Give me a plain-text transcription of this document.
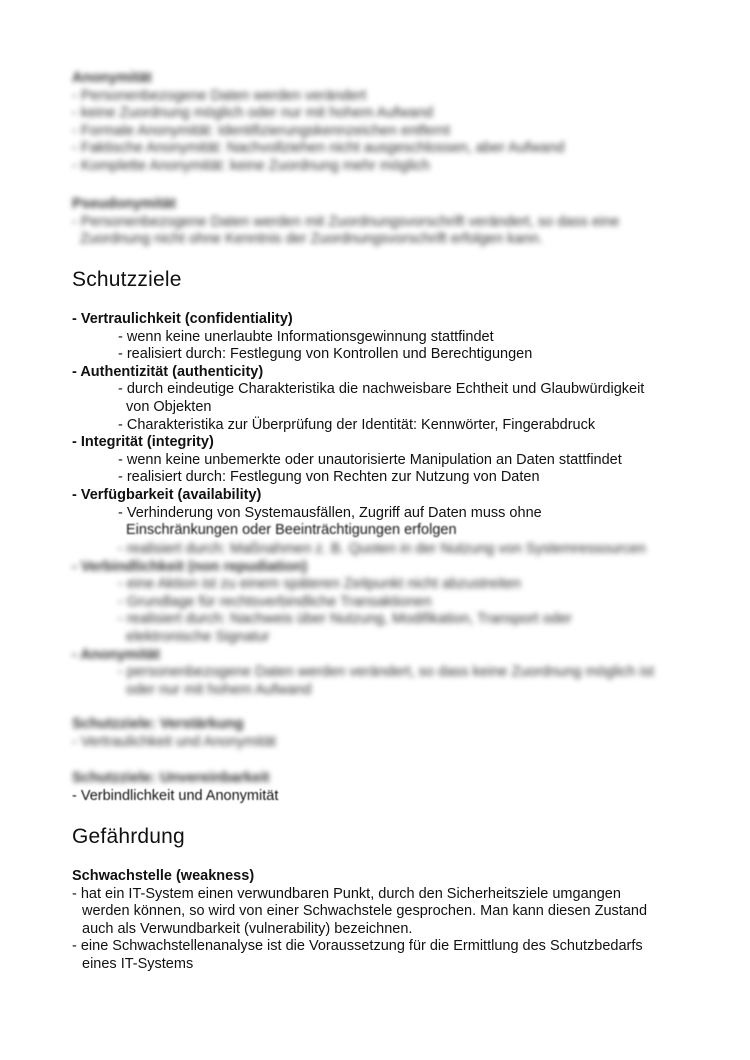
Anonymität
- Personenbezogene Daten werden verändert
- keine Zuordnung möglich oder nur mit hohem Aufwand
- Formale Anonymität: Identifizierungskennzeichen entfernt
- Faktische Anonymität: Nachvollziehen nicht ausgeschlossen, aber Aufwand
- Komplette Anonymität: keine Zuordnung mehr möglich
Pseudonymität
- Personenbezogene Daten werden mit Zuordnungsvorschrift verändert, so dass eine
Zuordnung nicht ohne Kenntnis der Zuordnungsvorschrift erfolgen kann.
Schutzziele
- Vertraulichkeit (confidentiality)
- wenn keine unerlaubte Informationsgewinnung stattfindet
- realisiert durch: Festlegung von Kontrollen und Berechtigungen
- Authentizität (authenticity)
- durch eindeutige Charakteristika die nachweisbare Echtheit und Glaubwürdigkeit
von Objekten
- Charakteristika zur Überprüfung der Identität: Kennwörter, Fingerabdruck
- Integrität (integrity)
- wenn keine unbemerkte oder unautorisierte Manipulation an Daten stattfindet
- realisiert durch: Festlegung von Rechten zur Nutzung von Daten
- Verfügbarkeit (availability)
- Verhinderung von Systemausfällen, Zugriff auf Daten muss ohne
Einschränkungen oder Beeinträchtigungen erfolgen
- realisiert durch: Maßnahmen z. B. Quoten in der Nutzung von Systemressourcen
- Verbindlichkeit (non repudiation)
- eine Aktion ist zu einem späteren Zeitpunkt nicht abzustreiten
- Grundlage für rechtsverbindliche Transaktionen
- realisiert durch: Nachweis über Nutzung, Modifikation, Transport oder
elektronische Signatur
- Anonymität
- personenbezogene Daten werden verändert, so dass keine Zuordnung möglich ist
oder nur mit hohem Aufwand
Schutzziele: Verstärkung
- Vertraulichkeit und Anonymität
Schutzziele: Unvereinbarkeit
- Verbindlichkeit und Anonymität
Gefährdung
Schwachstelle (weakness)
- hat ein IT-System einen verwundbaren Punkt, durch den Sicherheitsziele umgangen
werden können, so wird von einer Schwachstele gesprochen. Man kann diesen Zustand
auch als Verwundbarkeit (vulnerability) bezeichnen.
- eine Schwachstellenanalyse ist die Voraussetzung für die Ermittlung des Schutzbedarfs
eines IT-Systems
